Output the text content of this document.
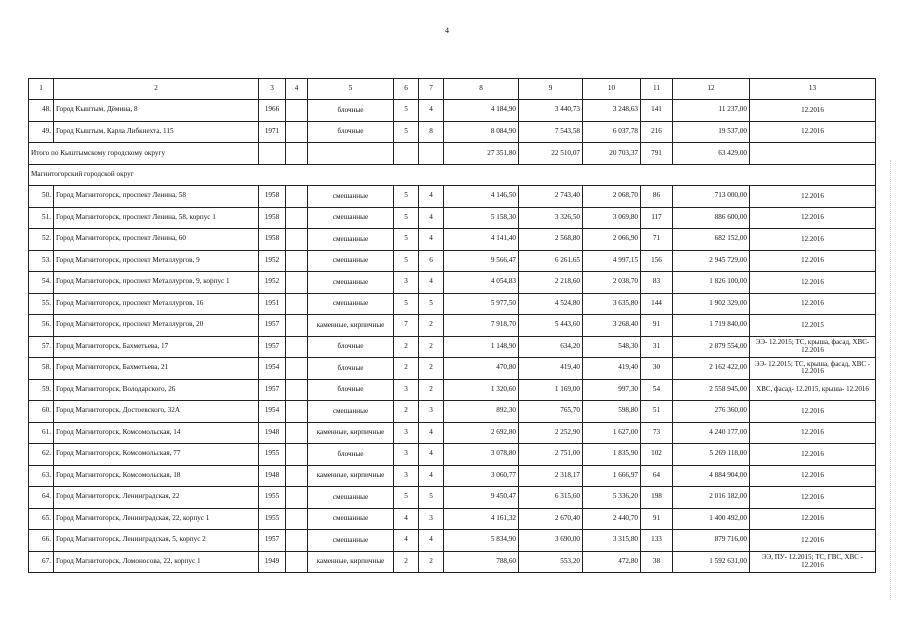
4
1	2	3	4	5	6	7	8	9	10	11	12	13
48.	Город Кыштым, Дёмина, 8	1966		блочные	5	4	4 184,90	3 440,73	3 248,63	141	11 237,00	12.2016
49.	Город Кыштым, Карла Либкнехта, 115	1971		блочные	5	8	8 084,90	7 543,58	6 037,78	216	19 537,00	12.2016
Итого по Кыштымскому городскому округу							27 351,80	22 510,07	20 703,37	791	63 429,00	
Магнитогорский городской округ												
50.	Город Магнитогорск, проспект Ленина, 58	1958		смешанные	5	4	4 146,50	2 743,40	2 068,70	86	713 000,00	12.2016
51.	Город Магнитогорск, проспект Ленина, 58, корпус 1	1958		смешанные	5	4	5 158,30	3 326,50	3 069,80	117	886 600,00	12.2016
52.	Город Магнитогорск, проспект Ленина, 60	1958		смешанные	5	4	4 141,40	2 568,80	2 066,90	71	682 152,00	12.2016
53.	Город Магнитогорск, проспект Металлургов, 9	1952		смешанные	5	6	9 566,47	6 261,65	4 997,15	156	2 945 729,00	12.2016
54.	Город Магнитогорск, проспект Металлургов, 9, корпус 1	1952		смешанные	3	4	4 054,83	2 218,60	2 038,70	83	1 826 100,00	12.2016
55.	Город Магнитогорск, проспект Металлургов, 16	1951		смешанные	5	5	5 977,50	4 524,80	3 635,80	144	1 902 329,00	12.2016
56.	Город Магнитогорск, проспект Металлургов, 20	1957		каменные, кирпичные	7	2	7 918,70	5 443,60	3 268,40	91	1 719 840,00	12.2015
57.	Город Магнитогорск, Бахметьева, 17	1957		блочные	2	2	1 148,90	634,20	548,30	31	2 879 554,00	ЭЭ- 12.2015; ТС, крыша, фасад, ХВС- 12.2016
58.	Город Магнитогорск, Бахметьева, 21	1954		блочные	2	2	470,80	419,40	419,40	30	2 162 422,00	ЭЭ- 12.2015; ТС, крыша, фасад, ХВС - 12.2016
59.	Город Магнитогорск, Володарского, 26	1957		блочные	3	2	1 320,60	1 169,00	997,30	54	2 558 945,00	ХВС, фасад- 12.2015, крыша- 12.2016
60.	Город Магнитогорск, Достоевского, 32А	1954		смешанные	2	3	892,30	765,70	598,80	51	276 360,00	12.2016
61.	Город Магнитогорск, Комсомольская, 14	1948		каменные, кирпичные	3	4	2 692,80	2 252,90	1 627,00	73	4 240 177,00	12.2016
62.	Город Магнитогорск, Комсомольская, 77	1955		блочные	3	4	3 078,80	2 751,00	1 835,90	102	5 269 118,00	12.2016
63.	Город Магнитогорск, Комсомольская, 18	1948		каменные, кирпичные	3	4	3 060,77	2 318,17	1 666,97	64	4 884 904,00	12.2016
64.	Город Магнитогорск, Ленинградская, 22	1955		смешанные	5	5	9 450,47	6 315,60	5 336,20	198	2 016 182,00	12.2016
65.	Город Магнитогорск, Ленинградская, 22, корпус 1	1955		смешанные	4	3	4 161,32	2 670,40	2 440,70	91	1 400 492,00	12.2016
66.	Город Магнитогорск, Ленинградская, 5, корпус 2	1957		смешанные	4	4	5 834,90	3 690,00	3 315,80	133	879 716,00	12.2016
67.	Город Магнитогорск, Ломоносова, 22, корпус 1	1949		каменные, кирпичные	2	2	788,60	553,20	472,80	38	1 592 631,00	ЭЭ, ПУ- 12.2015; ТС, ГВС, ХВС - 12.2016
